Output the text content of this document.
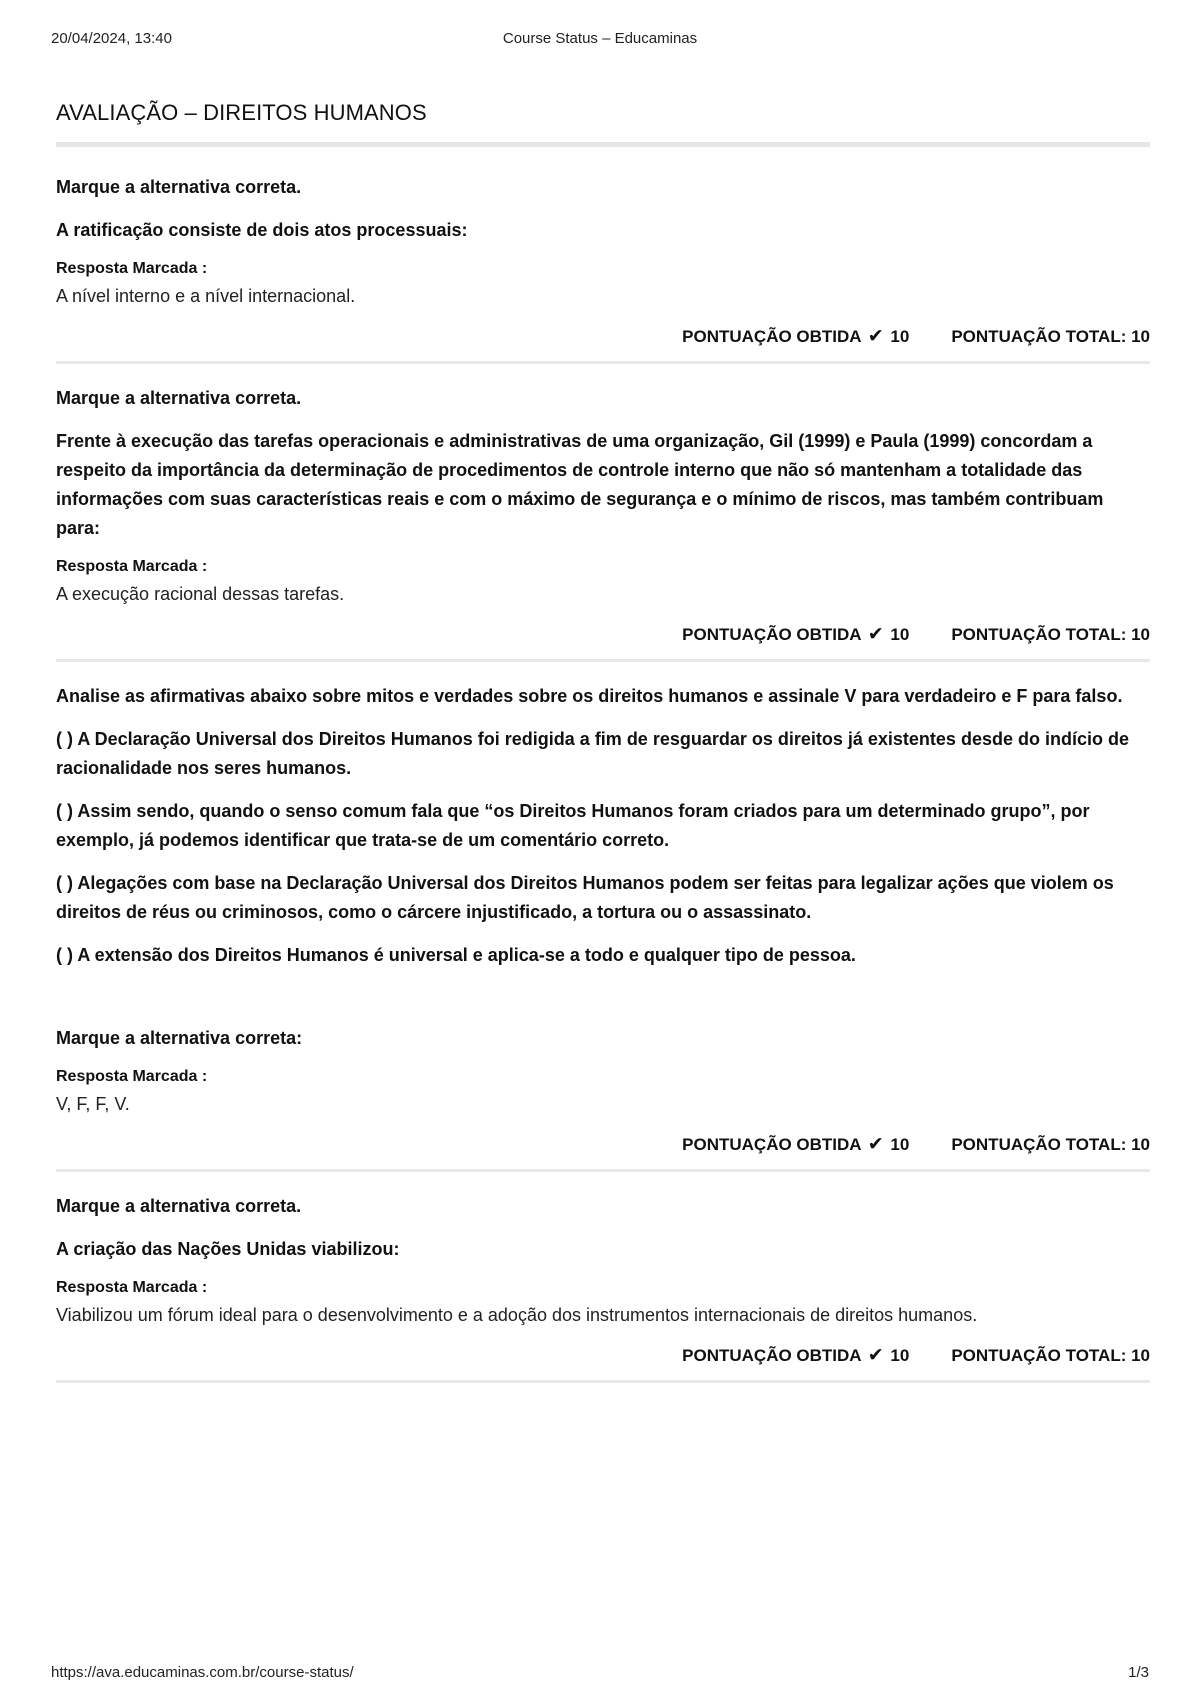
20/04/2024, 13:40	Course Status – Educaminas
AVALIAÇÃO – DIREITOS HUMANOS

Marque a alternativa correta.

A ratificação consiste de dois atos processuais:

Resposta Marcada :
A nível interno e a nível internacional.
PONTUAÇÃO OBTIDA ✔ 10 PONTUAÇÃO TOTAL: 10

Marque a alternativa correta.

Frente à execução das tarefas operacionais e administrativas de uma organização, Gil (1999) e Paula (1999) concordam a respeito da importância da determinação de procedimentos de controle interno que não só mantenham a totalidade das informações com suas características reais e com o máximo de segurança e o mínimo de riscos, mas também contribuam para:

Resposta Marcada :
A execução racional dessas tarefas.
PONTUAÇÃO OBTIDA ✔ 10 PONTUAÇÃO TOTAL: 10

Analise as afirmativas abaixo sobre mitos e verdades sobre os direitos humanos e assinale V para verdadeiro e F para falso.

( ) A Declaração Universal dos Direitos Humanos foi redigida a fim de resguardar os direitos já existentes desde do indício de racionalidade nos seres humanos.

( ) Assim sendo, quando o senso comum fala que “os Direitos Humanos foram criados para um determinado grupo”, por exemplo, já podemos identificar que trata-se de um comentário correto.

( ) Alegações com base na Declaração Universal dos Direitos Humanos podem ser feitas para legalizar ações que violem os direitos de réus ou criminosos, como o cárcere injustificado, a tortura ou o assassinato.

( ) A extensão dos Direitos Humanos é universal e aplica-se a todo e qualquer tipo de pessoa.

Marque a alternativa correta:

Resposta Marcada :
V, F, F, V.
PONTUAÇÃO OBTIDA ✔ 10 PONTUAÇÃO TOTAL: 10

Marque a alternativa correta.

A criação das Nações Unidas viabilizou:

Resposta Marcada :
Viabilizou um fórum ideal para o desenvolvimento e a adoção dos instrumentos internacionais de direitos humanos.
PONTUAÇÃO OBTIDA ✔ 10 PONTUAÇÃO TOTAL: 10
https://ava.educaminas.com.br/course-status/	1/3
